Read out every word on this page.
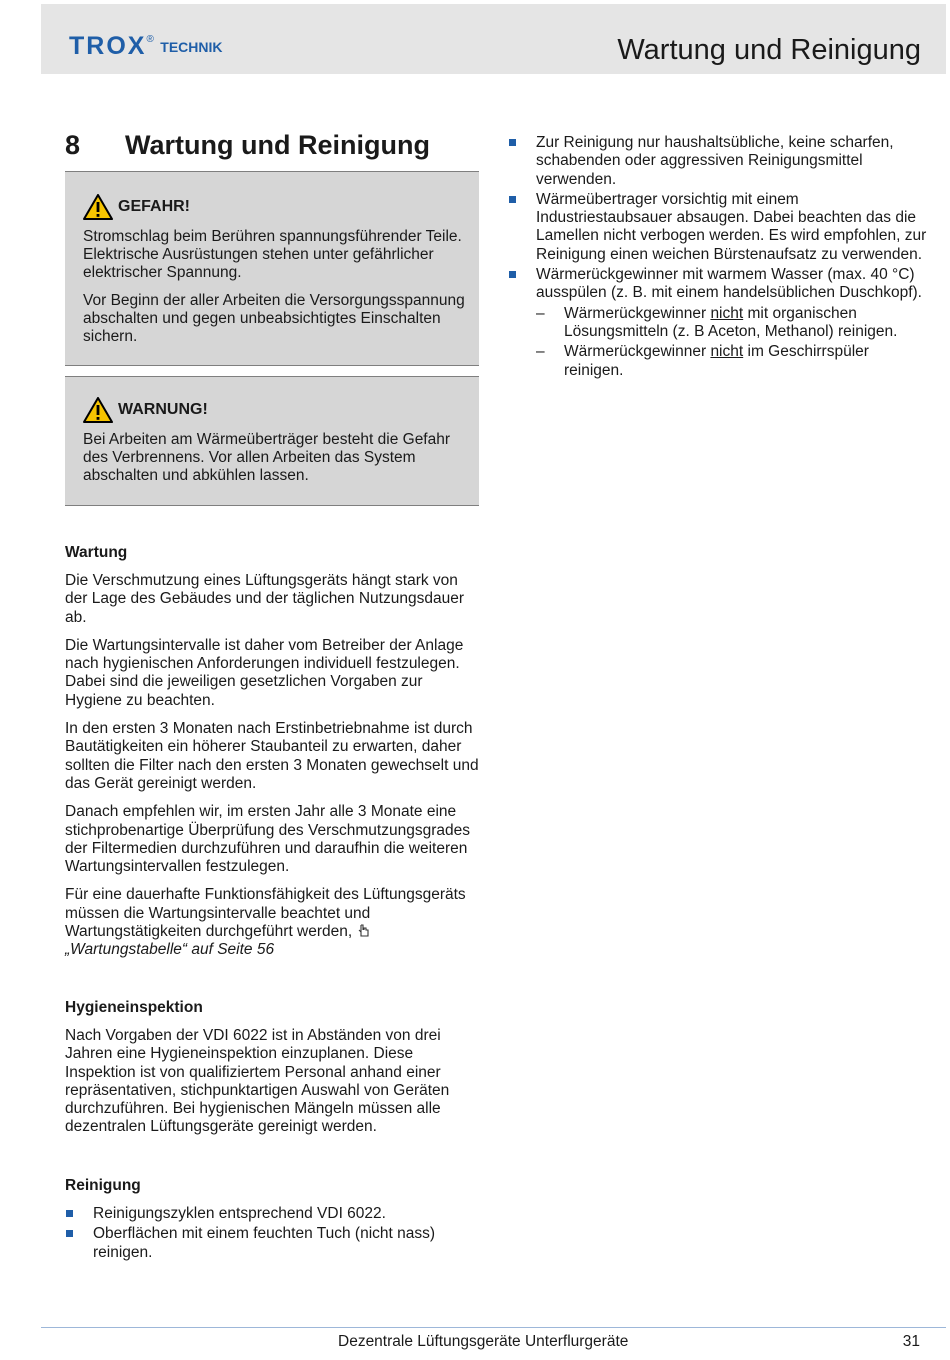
TROX® TECHNIK	Wartung und Reinigung
8 Wartung und Reinigung
GEFAHR!

Stromschlag beim Berühren spannungsführender Teile. Elektrische Ausrüstungen stehen unter gefährlicher elektrischer Spannung.

Vor Beginn der aller Arbeiten die Versorgungsspannung abschalten und gegen unbeabsichtigtes Einschalten sichern.

WARNUNG!

Bei Arbeiten am Wärmeüberträger besteht die Gefahr des Verbrennens. Vor allen Arbeiten das System abschalten und abkühlen lassen.

Wartung

Die Verschmutzung eines Lüftungsgeräts hängt stark von der Lage des Gebäudes und der täglichen Nutzungsdauer ab.

Die Wartungsintervalle ist daher vom Betreiber der Anlage nach hygienischen Anforderungen individuell festzulegen. Dabei sind die jeweiligen gesetzlichen Vorgaben zur Hygiene zu beachten.

In den ersten 3 Monaten nach Erstinbetriebnahme ist durch Bautätigkeiten ein höherer Staubanteil zu erwarten, daher sollten die Filter nach den ersten 3 Monaten gewechselt und das Gerät gereinigt werden.

Danach empfehlen wir, im ersten Jahr alle 3 Monate eine stichprobenartige Überprüfung des Verschmutzungsgrades der Filtermedien durchzuführen und daraufhin die weiteren Wartungsintervallen festzulegen.

Für eine dauerhafte Funktionsfähigkeit des Lüftungsgeräts müssen die Wartungsintervalle beachtet und Wartungstätigkeiten durchgeführt werden,  „Wartungstabelle“ auf Seite 56

Hygieneinspektion

Nach Vorgaben der VDI 6022 ist in Abständen von drei Jahren eine Hygieneinspektion einzuplanen. Diese Inspektion ist von qualifiziertem Personal anhand einer repräsentativen, stichpunktartigen Auswahl von Geräten durchzuführen. Bei hygienischen Mängeln müssen alle dezentralen Lüftungsgeräte gereinigt werden.

Reinigung
Reinigungszyklen entsprechend VDI 6022.
Oberflächen mit einem feuchten Tuch (nicht nass) reinigen.
Zur Reinigung nur haushaltsübliche, keine scharfen, schabenden oder aggressiven Reinigungsmittel verwenden.
Wärmeübertrager vorsichtig mit einem Industriestaubsauer absaugen. Dabei beachten das die Lamellen nicht verbogen werden. Es wird empfohlen, zur Reinigung einen weichen Bürstenaufsatz zu verwenden.
Wärmerückgewinner mit warmem Wasser (max. 40 °C) ausspülen (z. B. mit einem handelsüblichen Duschkopf).
– Wärmerückgewinner nicht mit organischen Lösungsmitteln (z. B Aceton, Methanol) reinigen.
– Wärmerückgewinner nicht im Geschirrspüler reinigen.
Dezentrale Lüftungsgeräte Unterflurgeräte	31
